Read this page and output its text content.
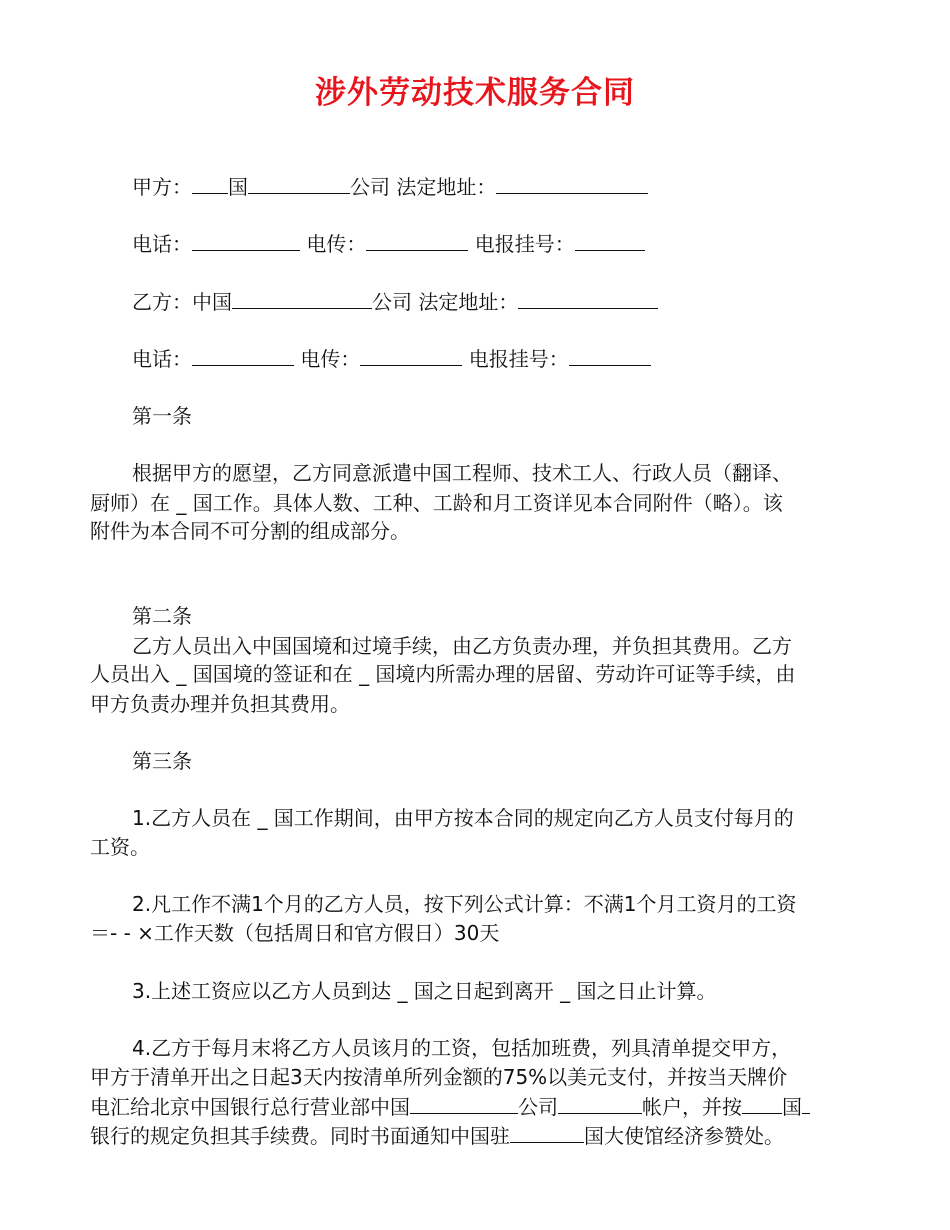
涉外劳动技术服务合同
甲方： 国	公司 法定地址：
电话：	电传：	电报挂号：
乙方：中国	公司 法定地址：
电话：	电传：	电报挂号：
第一条
根据甲方的愿望，乙方同意派遣中国工程师、技术工人、行政人员（翻译、
厨师）在 _ 国工作。具体人数、工种、工龄和月工资详见本合同附件（略）。该
附件为本合同不可分割的组成部分。
第二条
乙方人员出入中国国境和过境手续，由乙方负责办理，并负担其费用。乙方
人员出入 _ 国国境的签证和在 _ 国境内所需办理的居留、劳动许可证等手续，由
甲方负责办理并负担其费用。
第三条
1.乙方人员在 _ 国工作期间，由甲方按本合同的规定向乙方人员支付每月的
工资。
2.凡工作不满1个月的乙方人员，按下列公式计算：不满1个月工资月的工资
＝- - ×工作天数（包括周日和官方假日）30天
3.上述工资应以乙方人员到达 _ 国之日起到离开 _ 国之日止计算。
4.乙方于每月末将乙方人员该月的工资，包括加班费，列具清单提交甲方，
甲方于清单开出之日起3天内按清单所列金额的75%以美元支付，并按当天牌价
电汇给北京中国银行总行营业部中国	公司	帐户，并按 国
银行的规定负担其手续费。同时书面通知中国驻	国大使馆经济参赞处。
